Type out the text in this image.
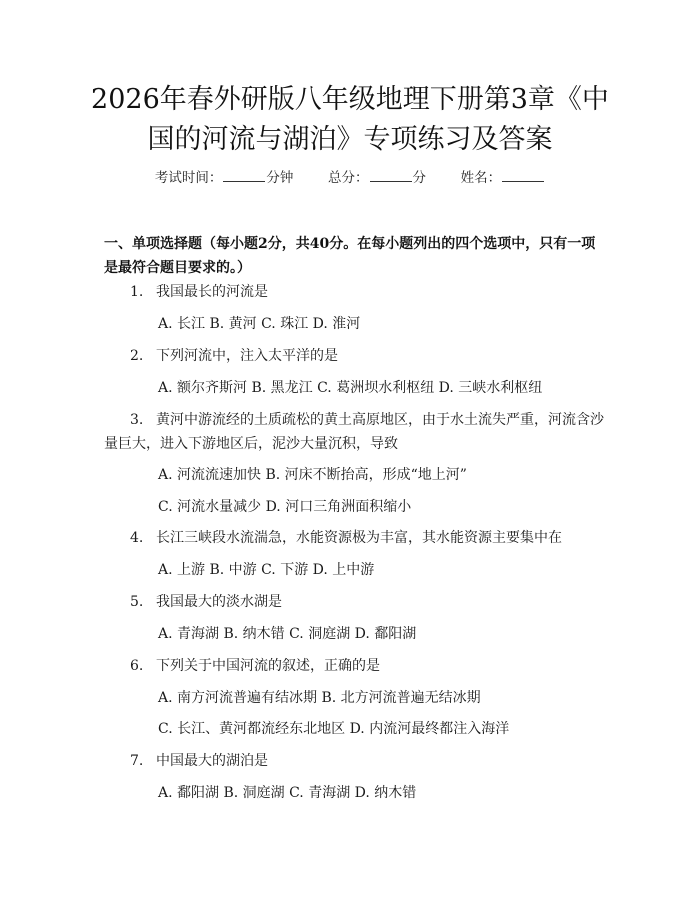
2026年春外研版八年级地理下册第3章《中
国的河流与湖泊》专项练习及答案
考试时间：	分钟	总分：	分	姓名：
一、单项选择题（每小题2分，共40分。在每小题列出的四个选项中，只有一项是最符合题目要求的。）
1. 我国最长的河流是
A. 长江 B. 黄河 C. 珠江 D. 淮河
2. 下列河流中，注入太平洋的是
A. 额尔齐斯河 B. 黑龙江 C. 葛洲坝水利枢纽 D. 三峡水利枢纽
3. 黄河中游流经的土质疏松的黄土高原地区，由于水土流失严重，河流含沙量巨大，进入下游地区后，泥沙大量沉积，导致
A. 河流流速加快 B. 河床不断抬高，形成“地上河”
C. 河流水量减少 D. 河口三角洲面积缩小
4. 长江三峡段水流湍急，水能资源极为丰富，其水能资源主要集中在
A. 上游 B. 中游 C. 下游 D. 上中游
5. 我国最大的淡水湖是
A. 青海湖 B. 纳木错 C. 洞庭湖 D. 鄱阳湖
6. 下列关于中国河流的叙述，正确的是
A. 南方河流普遍有结冰期 B. 北方河流普遍无结冰期
C. 长江、黄河都流经东北地区 D. 内流河最终都注入海洋
7. 中国最大的湖泊是
A. 鄱阳湖 B. 洞庭湖 C. 青海湖 D. 纳木错
